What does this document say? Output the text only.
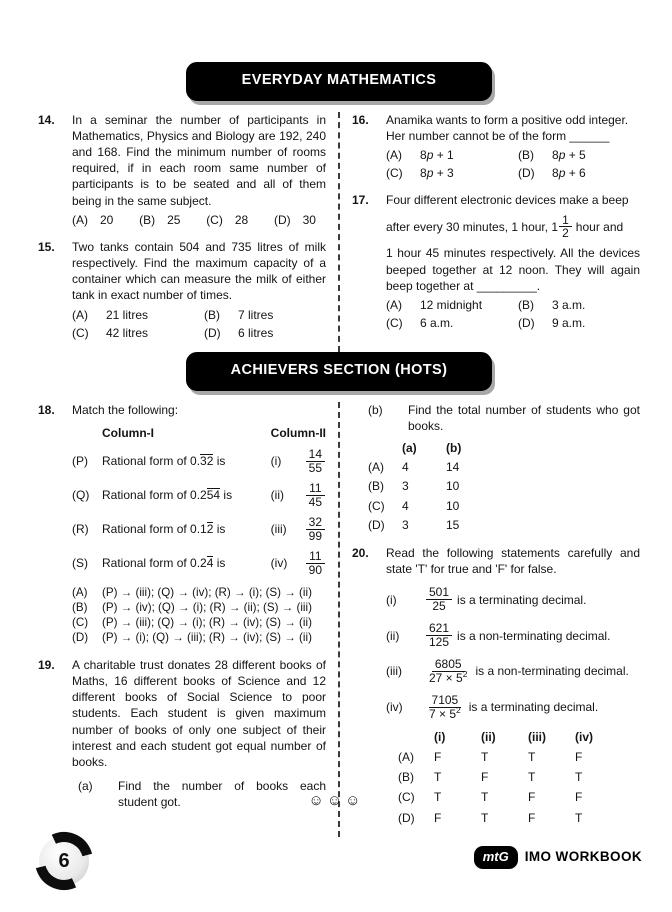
EVERYDAY MATHEMATICS
14.	In a seminar the number of participants in Mathematics, Physics and Biology are 192, 240 and 168. Find the minimum number of rooms required, if in each room same number of participants is to be seated and all of them being in the same subject.
(A) 20 (B) 25 (C) 28 (D) 30
15.	Two tanks contain 504 and 735 litres of milk respectively. Find the maximum capacity of a container which can measure the milk of either tank in exact number of times.
(A)	21 litres	(B)	7 litres
(C)	42 litres	(D)	6 litres
16.	Anamika wants to form a positive odd integer.
Her number cannot be of the form ______
(A)	8p + 1	(B)	8p + 5
(C)	8p + 3	(D)	8p + 6
17.	Four different electronic devices make a beep
after every 30 minutes, 1 hour, $1 \frac{1}{2}$ hour and
1 hour 45 minutes respectively. All the devices beeped together at 12 noon. They will again beep together at _________.
(A)	12 midnight	(B)	3 a.m.
(C)	6 a.m.	(D)	9 a.m.
ACHIEVERS SECTION (HOTS)
18.	Match the following:
Column-I	Column-II
(P)	Rational form of 0.32 is	(i)	$\frac{14}{55}$
(Q)	Rational form of 0.254 is	(ii)	$\frac{11}{45}$
(R)	Rational form of 0.12 is	(iii)	$\frac{32}{99}$
(S)	Rational form of 0.24 is	(iv)	$\frac{11}{90}$
(A)	(P) → (iii); (Q) → (iv); (R) → (i); (S) → (ii)
(B)	(P) → (iv); (Q) → (i); (R) → (ii); (S) → (iii)
(C)	(P) → (iii); (Q) → (i); (R) → (iv); (S) → (ii)
(D)	(P) → (i); (Q) → (iii); (R) → (iv); (S) → (ii)
19.	A charitable trust donates 28 different books of Maths, 16 different books of Science and 12 different books of Social Science to poor students. Each student is given maximum number of books of only one subject of their interest and each student got equal number of books.
(a)	Find the number of books each student got.
(b)	Find the total number of students who got books.
(a)	(b)
(A)	4	14
(B)	3	10
(C)	4	10
(D)	3	15
20.	Read the following statements carefully and state 'T' for true and 'F' for false.
(i)	$\frac{501}{25}$ is a terminating decimal.
(ii)	$\frac{621}{125}$ is a non-terminating decimal.
(iii)	$\frac{6805}{27 \times 5^2}$ is a non-terminating decimal.
(iv)	$\frac{7105}{7 \times 5^2}$ is a terminating decimal.
(i)	(ii)	(iii)	(iv)
(A)	F	T	T	F
(B)	T	F	T	T
(C)	T	T	F	F
(D)	F	T	F	T
☺☺☺
6	mtG	IMO WORKBOOK
